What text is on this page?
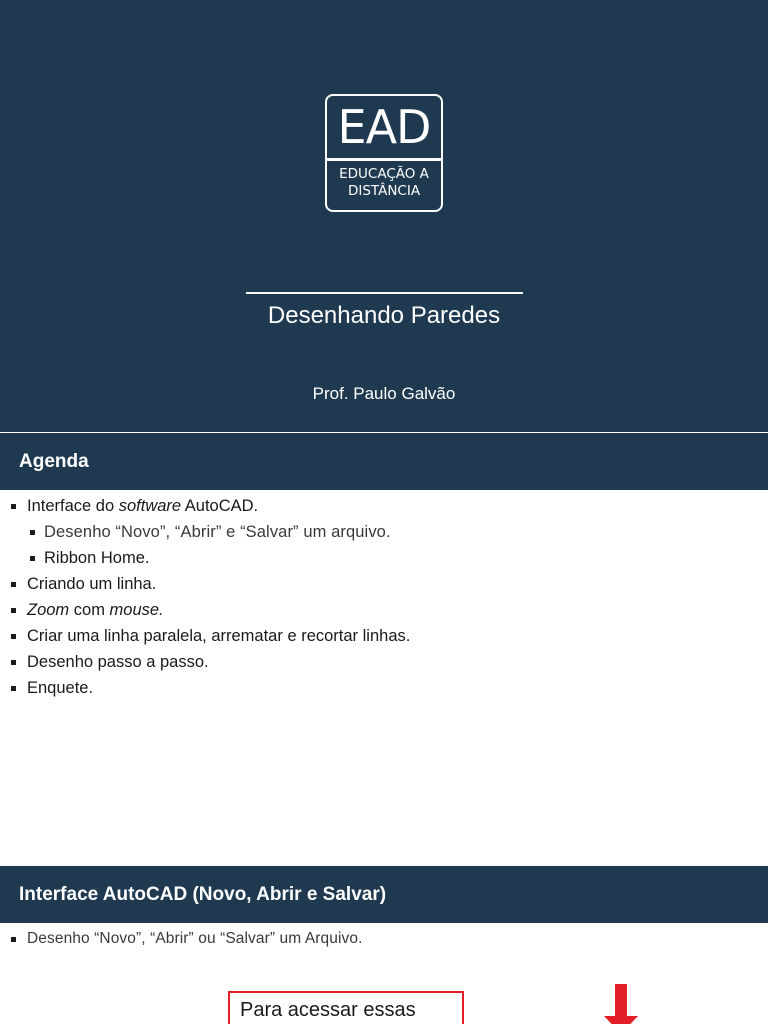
EAD
EDUCAÇÃO A
DISTÂNCIA
Desenhando Paredes
Prof. Paulo Galvão
Agenda
Interface do software AutoCAD.
Desenho “Novo”, “Abrir” e “Salvar” um arquivo.
Ribbon Home.
Criando um linha.
Zoom com mouse.
Criar uma linha paralela, arrematar e recortar linhas.
Desenho passo a passo.
Enquete.
Interface AutoCAD (Novo, Abrir e Salvar)
Desenho “Novo”, “Abrir” ou “Salvar” um Arquivo.
Para acessar essas
